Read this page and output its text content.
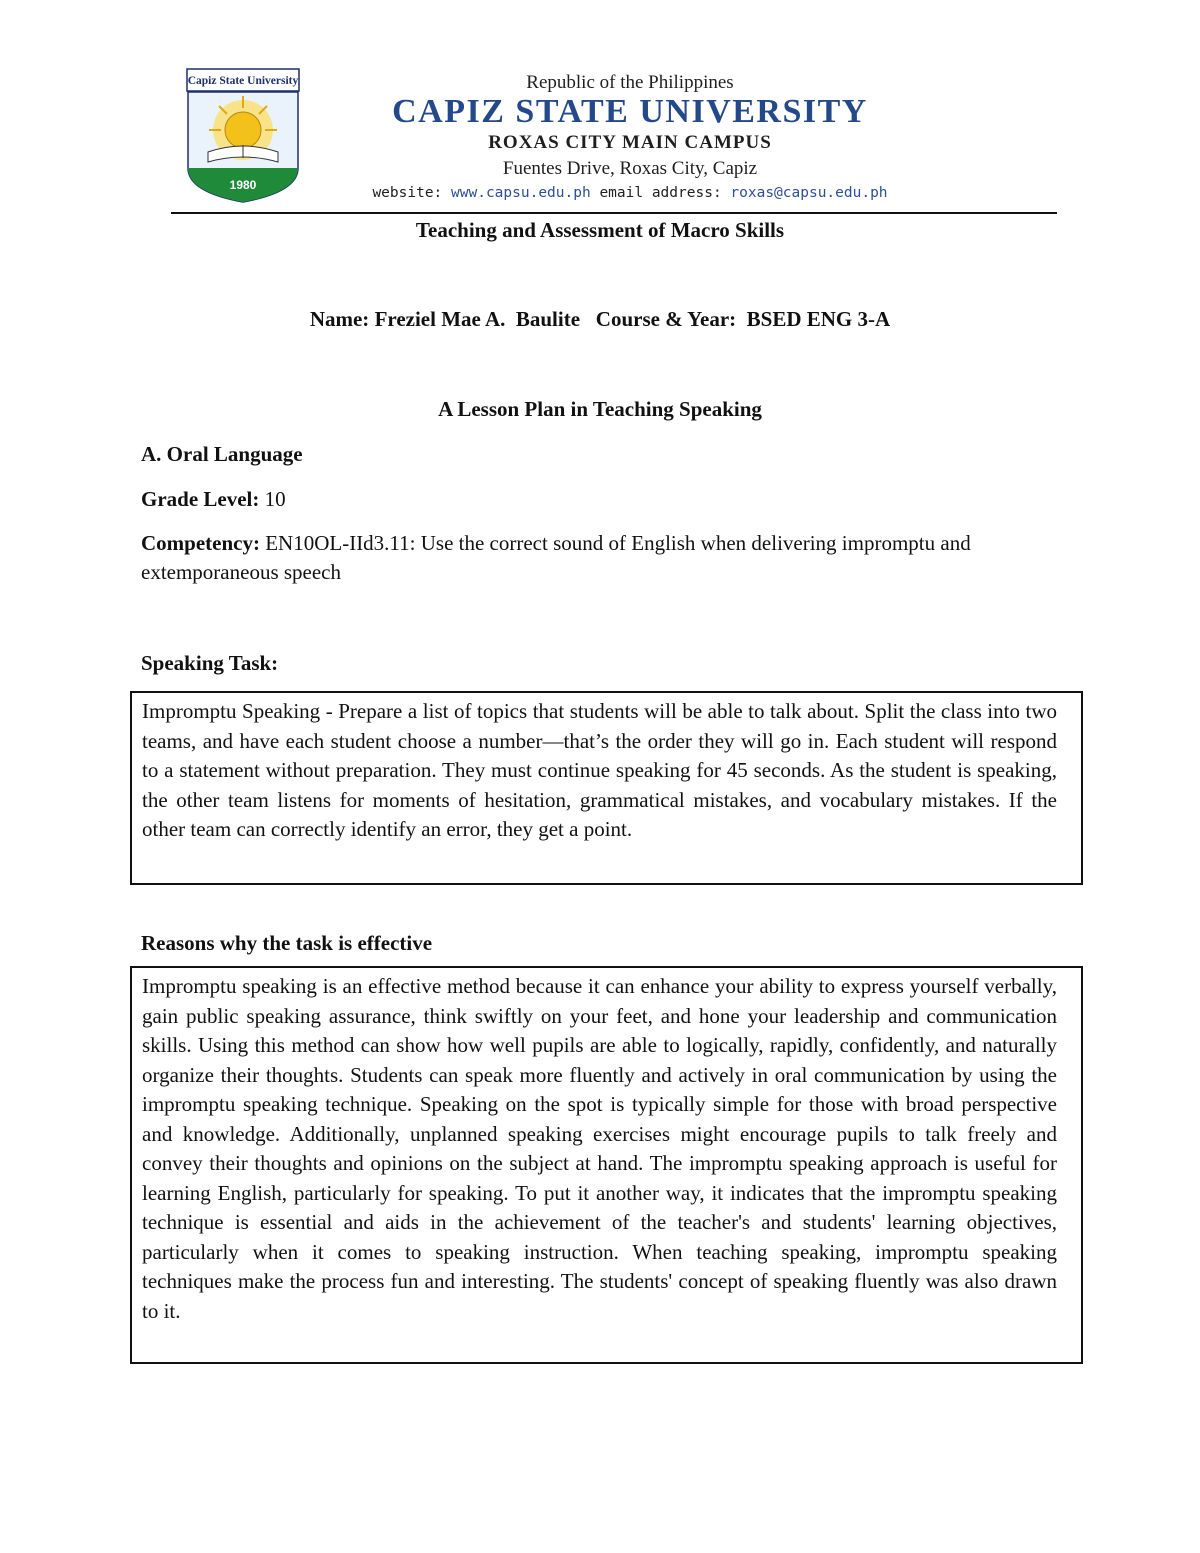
Capiz State University
1980
Republic of the Philippines
CAPIZ STATE UNIVERSITY
ROXAS CITY MAIN CAMPUS
Fuentes Drive, Roxas City, Capiz
website: www.capsu.edu.ph email address: roxas@capsu.edu.ph
Teaching and Assessment of Macro Skills
Name: Freziel Mae A.  Baulite Course & Year: BSED ENG 3-A
A Lesson Plan in Teaching Speaking
A. Oral Language
Grade Level: 10
Competency: EN10OL-IId3.11: Use the correct sound of English when delivering impromptu and extemporaneous speech
Speaking Task:
Impromptu Speaking - Prepare a list of topics that students will be able to talk about. Split the class into two teams, and have each student choose a number—that’s the order they will go in. Each student will respond to a statement without preparation. They must continue speaking for 45 seconds. As the student is speaking, the other team listens for moments of hesitation, grammatical mistakes, and vocabulary mistakes. If the other team can correctly identify an error, they get a point.
Reasons why the task is effective
Impromptu speaking is an effective method because it can enhance your ability to express yourself verbally, gain public speaking assurance, think swiftly on your feet, and hone your leadership and communication skills. Using this method can show how well pupils are able to logically, rapidly, confidently, and naturally organize their thoughts. Students can speak more fluently and actively in oral communication by using the impromptu speaking technique. Speaking on the spot is typically simple for those with broad perspective and knowledge. Additionally, unplanned speaking exercises might encourage pupils to talk freely and convey their thoughts and opinions on the subject at hand. The impromptu speaking approach is useful for learning English, particularly for speaking. To put it another way, it indicates that the impromptu speaking technique is essential and aids in the achievement of the teacher's and students' learning objectives, particularly when it comes to speaking instruction. When teaching speaking, impromptu speaking techniques make the process fun and interesting. The students' concept of speaking fluently was also drawn to it.
